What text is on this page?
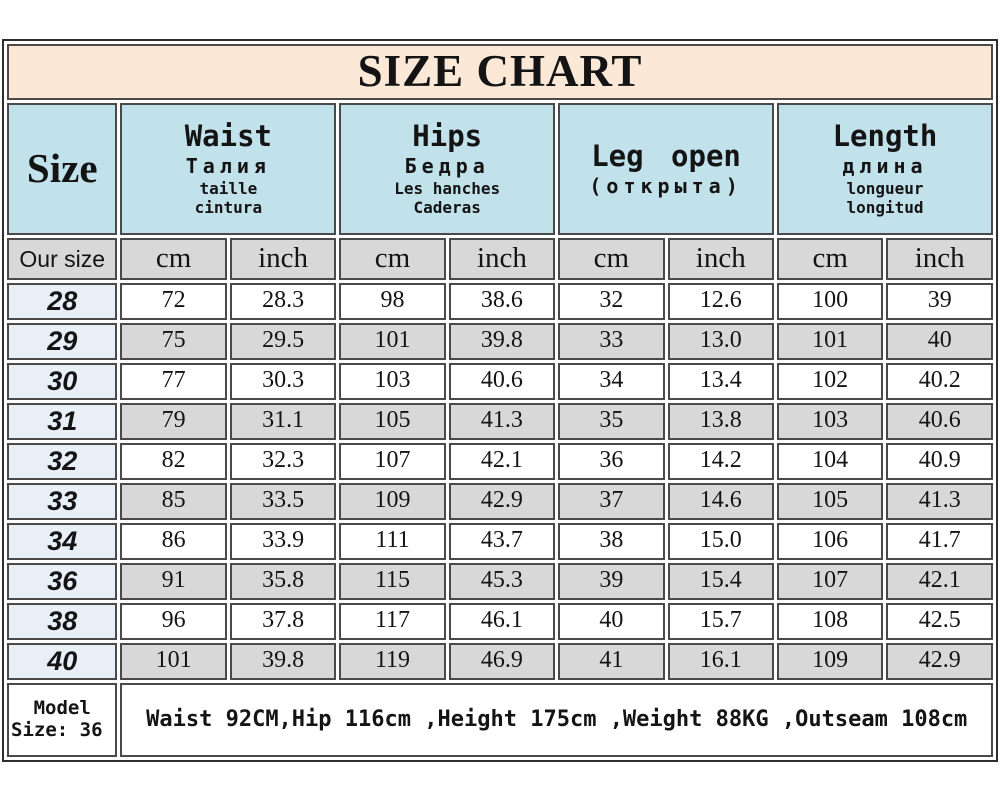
SIZE CHART								
Size	
Waist
Талия
taille
cintura

Hips
Бедра
Les hanches
Caderas

Leg open
(открыта)

Length
длина
longueur
longitud

Our size	cm	inch	cm	inch	cm	inch	cm	inch
28	72	28.3	98	38.6	32	12.6	100	39
29	75	29.5	101	39.8	33	13.0	101	40
30	77	30.3	103	40.6	34	13.4	102	40.2
31	79	31.1	105	41.3	35	13.8	103	40.6
32	82	32.3	107	42.1	36	14.2	104	40.9
33	85	33.5	109	42.9	37	14.6	105	41.3
34	86	33.9	111	43.7	38	15.0	106	41.7
36	91	35.8	115	45.3	39	15.4	107	42.1
38	96	37.8	117	46.1	40	15.7	108	42.5
40	101	39.8	119	46.9	41	16.1	109	42.9

Model
Size: 36	Waist 92CM,Hip 116cm ,Height 175cm ,Weight 88KG ,Outseam 108cm							
